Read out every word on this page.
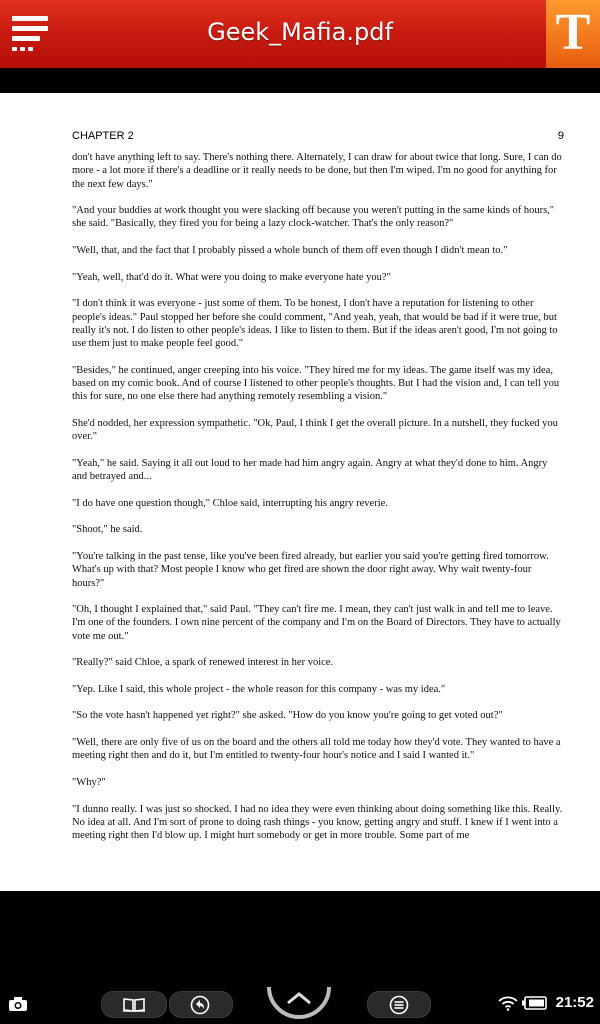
Geek_Mafia.pdf	T
CHAPTER 2	9

don't have anything left to say. There's nothing there. Alternately, I can draw for about twice that long. Sure, I can do more - a lot more if there's a deadline or it really needs to be done, but then I'm wiped. I'm no good for anything for the next few days."

"And your buddies at work thought you were slacking off because you weren't putting in the same kinds of hours," she said. "Basically, they fired you for being a lazy clock-watcher. That's the only reason?"

"Well, that, and the fact that I probably pissed a whole bunch of them off even though I didn't mean to."

"Yeah, well, that'd do it. What were you doing to make everyone hate you?"

"I don't think it was everyone - just some of them. To be honest, I don't have a reputation for listening to other people's ideas." Paul stopped her before she could comment, "And yeah, yeah, that would be bad if it were true, but really it's not. I do listen to other people's ideas. I like to listen to them. But if the ideas aren't good, I'm not going to use them just to make people feel good."

"Besides," he continued, anger creeping into his voice. "They hired me for my ideas. The game itself was my idea, based on my comic book. And of course I listened to other people's thoughts. But I had the vision and, I can tell you this for sure, no one else there had anything remotely resembling a vision."

She'd nodded, her expression sympathetic. "Ok, Paul, I think I get the overall picture. In a nutshell, they fucked you over."

"Yeah," he said. Saying it all out loud to her made had him angry again. Angry at what they'd done to him. Angry and betrayed and...

"I do have one question though," Chloe said, interrupting his angry reverie.

"Shoot," he said.

"You're talking in the past tense, like you've been fired already, but earlier you said you're getting fired tomorrow. What's up with that? Most people I know who get fired are shown the door right away. Why wait twenty-four hours?"

"Oh, I thought I explained that," said Paul. "They can't fire me. I mean, they can't just walk in and tell me to leave. I'm one of the founders. I own nine percent of the company and I'm on the Board of Directors. They have to actually vote me out."

"Really?" said Chloe, a spark of renewed interest in her voice.

"Yep. Like I said, this whole project - the whole reason for this company - was my idea."

"So the vote hasn't happened yet right?" she asked. "How do you know you're going to get voted out?"

"Well, there are only five of us on the board and the others all told me today how they'd vote. They wanted to have a meeting right then and do it, but I'm entitled to twenty-four hour's notice and I said I wanted it."

"Why?"

"I dunno really. I was just so shocked. I had no idea they were even thinking about doing something like this. Really. No idea at all. And I'm sort of prone to doing rash things - you know, getting angry and stuff. I knew if I went into a meeting right then I'd blow up. I might hurt somebody or get in more trouble. Some part of me

21:52
